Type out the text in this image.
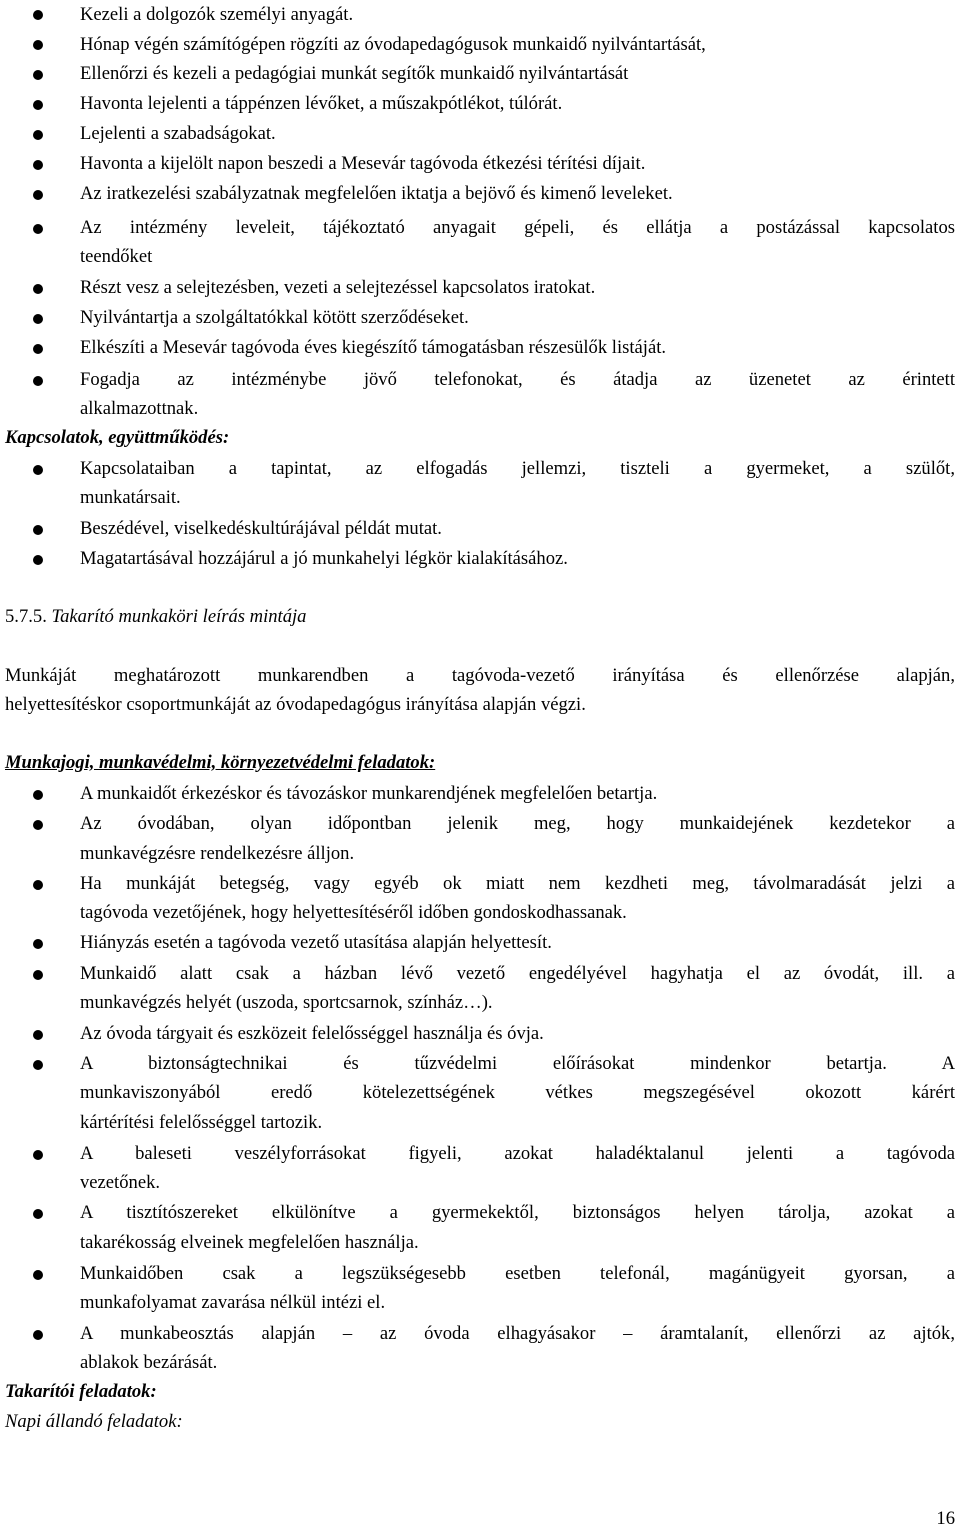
Kezeli a dolgozók személyi anyagát.
Hónap végén számítógépen rögzíti az óvodapedagógusok munkaidő nyilvántartását,
Ellenőrzi és kezeli a pedagógiai munkát segítők munkaidő nyilvántartását
Havonta lejelenti a táppénzen lévőket, a műszakpótlékot, túlórát.
Lejelenti a szabadságokat.
Havonta a kijelölt napon beszedi a Mesevár tagóvoda étkezési térítési díjait.
Az iratkezelési szabályzatnak megfelelően iktatja a bejövő és kimenő leveleket.
Az intézmény leveleit, tájékoztató anyagait gépeli, és ellátja a postázással kapcsolatos
teendőket
Részt vesz a selejtezésben, vezeti a selejtezéssel kapcsolatos iratokat.
Nyilvántartja a szolgáltatókkal kötött szerződéseket.
Elkészíti a Mesevár tagóvoda éves kiegészítő támogatásban részesülők listáját.
Fogadja az intézménybe jövő telefonokat, és átadja az üzenetet az érintett
alkalmazottnak.
Kapcsolatok, együttműködés:
Kapcsolataiban a tapintat, az elfogadás jellemzi, tiszteli a gyermeket, a szülőt,
munkatársait.
Beszédével, viselkedéskultúrájával példát mutat.
Magatartásával hozzájárul a jó munkahelyi légkör kialakításához.
5.7.5. Takarító munkaköri leírás mintája
Munkáját meghatározott munkarendben a tagóvoda-vezető irányítása és ellenőrzése alapján,
helyettesítéskor csoportmunkáját az óvodapedagógus irányítása alapján végzi.
Munkajogi, munkavédelmi, környezetvédelmi feladatok:
A munkaidőt érkezéskor és távozáskor munkarendjének megfelelően betartja.
Az óvodában, olyan időpontban jelenik meg, hogy munkaidejének kezdetekor a
munkavégzésre rendelkezésre álljon.
Ha munkáját betegség, vagy egyéb ok miatt nem kezdheti meg, távolmaradását jelzi a
tagóvoda vezetőjének, hogy helyettesítéséről időben gondoskodhassanak.
Hiányzás esetén a tagóvoda vezető utasítása alapján helyettesít.
Munkaidő alatt csak a házban lévő vezető engedélyével hagyhatja el az óvodát, ill. a
munkavégzés helyét (uszoda, sportcsarnok, színház…).
Az óvoda tárgyait és eszközeit felelősséggel használja és óvja.
A biztonságtechnikai és tűzvédelmi előírásokat mindenkor betartja. A
munkaviszonyából eredő kötelezettségének vétkes megszegésével okozott kárért
kártérítési felelősséggel tartozik.
A baleseti veszélyforrásokat figyeli, azokat haladéktalanul jelenti a tagóvoda
vezetőnek.
A tisztítószereket elkülönítve a gyermekektől, biztonságos helyen tárolja, azokat a
takarékosság elveinek megfelelően használja.
Munkaidőben csak a legszükségesebb esetben telefonál, magánügyeit gyorsan, a
munkafolyamat zavarása nélkül intézi el.
A munkabeosztás alapján – az óvoda elhagyásakor – áramtalanít, ellenőrzi az ajtók,
ablakok bezárását.
Takarítói feladatok:
Napi állandó feladatok:
16
